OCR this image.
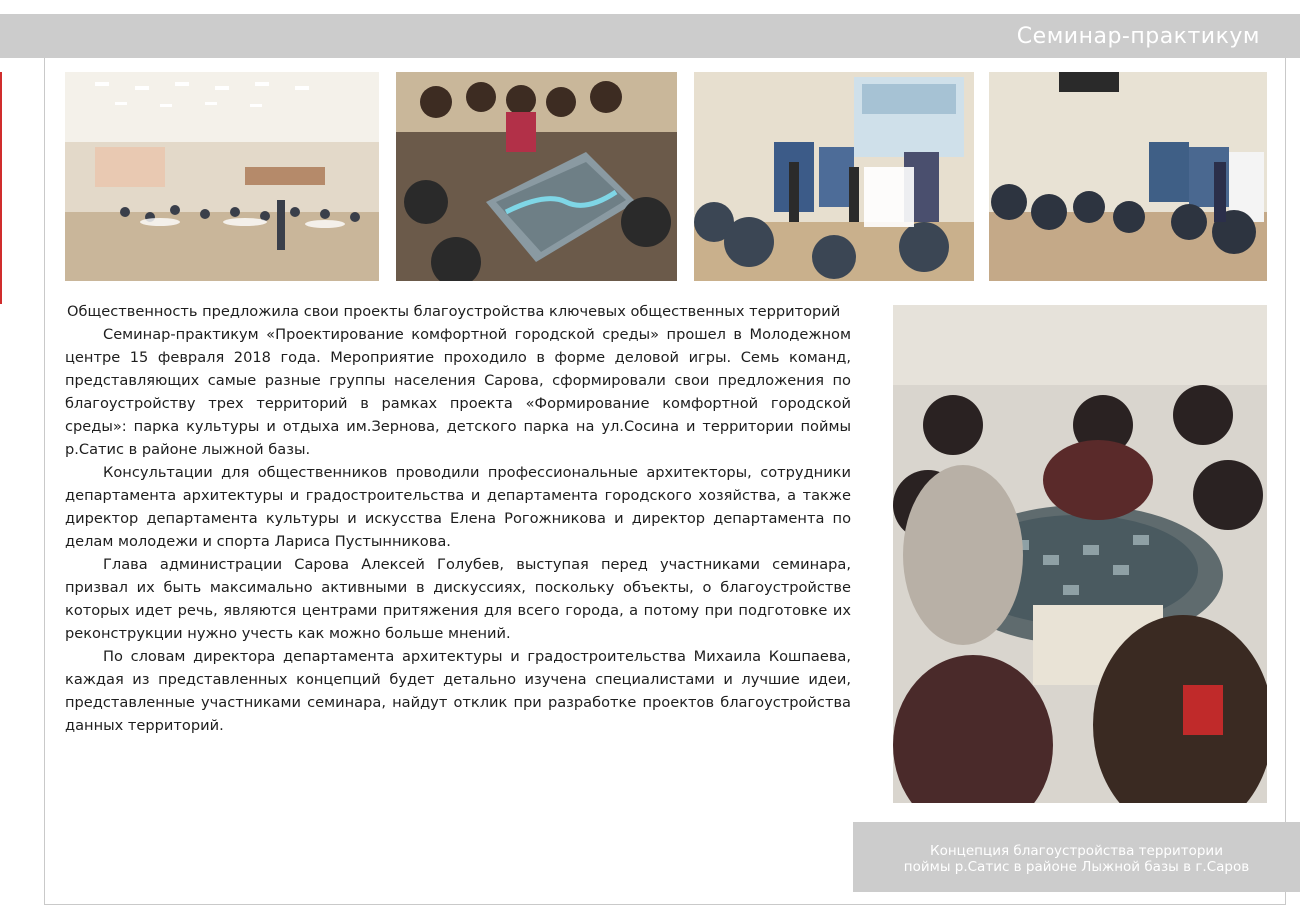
Семинар-практикум
Общественность предложила свои проекты благоустройства ключевых общественных территорий

Семинар-практикум «Проектирование комфортной городской среды» прошел в Молодежном центре 15 февраля 2018 года. Мероприятие проходило в форме деловой игры. Семь команд, представляющих самые разные группы населения Сарова, сформировали свои предложения по благоустройству трех территорий в рамках проекта «Формирование комфортной городской среды»: парка культуры и отдыха им.Зернова, детского парка на ул.Сосина и территории поймы р.Сатис в районе лыжной базы.

Консультации для общественников проводили профессиональные архитекторы, сотрудники департамента архитектуры и градостроительства и департамента городского хозяйства, а также директор департамента культуры и искусства Елена Рогожникова и директор департамента по делам молодежи и спорта Лариса Пустынникова.

Глава администрации Сарова Алексей Голубев, выступая перед участниками семинара, призвал их быть максимально активными в дискуссиях, поскольку объекты, о благоустройстве которых идет речь, являются центрами притяжения для всего города, а потому при подготовке их реконструкции нужно учесть как можно больше мнений.

По словам директора департамента архитектуры и градостроительства Михаила Кошпаева, каждая из представленных концепций будет детально изучена специалистами и лучшие идеи, представленные участниками семинара, найдут отклик при разработке проектов благоустройства данных территорий.

Концепция благоустройства территории
поймы р.Сатис в районе Лыжной базы в г.Саров
